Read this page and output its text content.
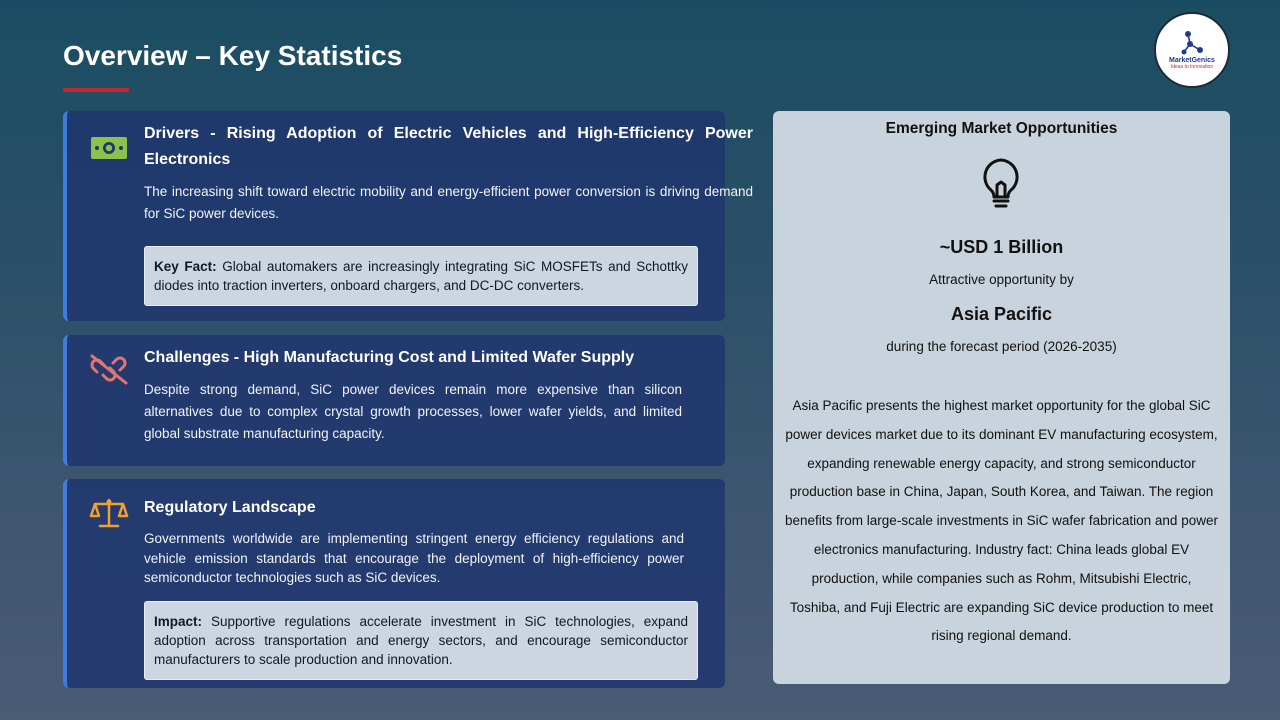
Overview – Key Statistics	MarketGenics
Ideas to Innovation
Drivers - Rising Adoption of Electric Vehicles and High-Efficiency Power Electronics
The increasing shift toward electric mobility and energy-efficient power conversion is driving demand for SiC power devices.
Key Fact: Global automakers are increasingly integrating SiC MOSFETs and Schottky diodes into traction inverters, onboard chargers, and DC-DC converters.
Challenges - High Manufacturing Cost and Limited Wafer Supply
Despite strong demand, SiC power devices remain more expensive than silicon alternatives due to complex crystal growth processes, lower wafer yields, and limited global substrate manufacturing capacity.
Regulatory Landscape
Governments worldwide are implementing stringent energy efficiency regulations and vehicle emission standards that encourage the deployment of high-efficiency power semiconductor technologies such as SiC devices.
Impact: Supportive regulations accelerate investment in SiC technologies, expand adoption across transportation and energy sectors, and encourage semiconductor manufacturers to scale production and innovation.
Emerging Market Opportunities
~USD 1 Billion
Attractive opportunity by
Asia Pacific
during the forecast period (2026-2035)
Asia Pacific presents the highest market opportunity for the global SiC power devices market due to its dominant EV manufacturing ecosystem, expanding renewable energy capacity, and strong semiconductor production base in China, Japan, South Korea, and Taiwan. The region benefits from large-scale investments in SiC wafer fabrication and power electronics manufacturing. Industry fact: China leads global EV production, while companies such as Rohm, Mitsubishi Electric, Toshiba, and Fuji Electric are expanding SiC device production to meet rising regional demand.
